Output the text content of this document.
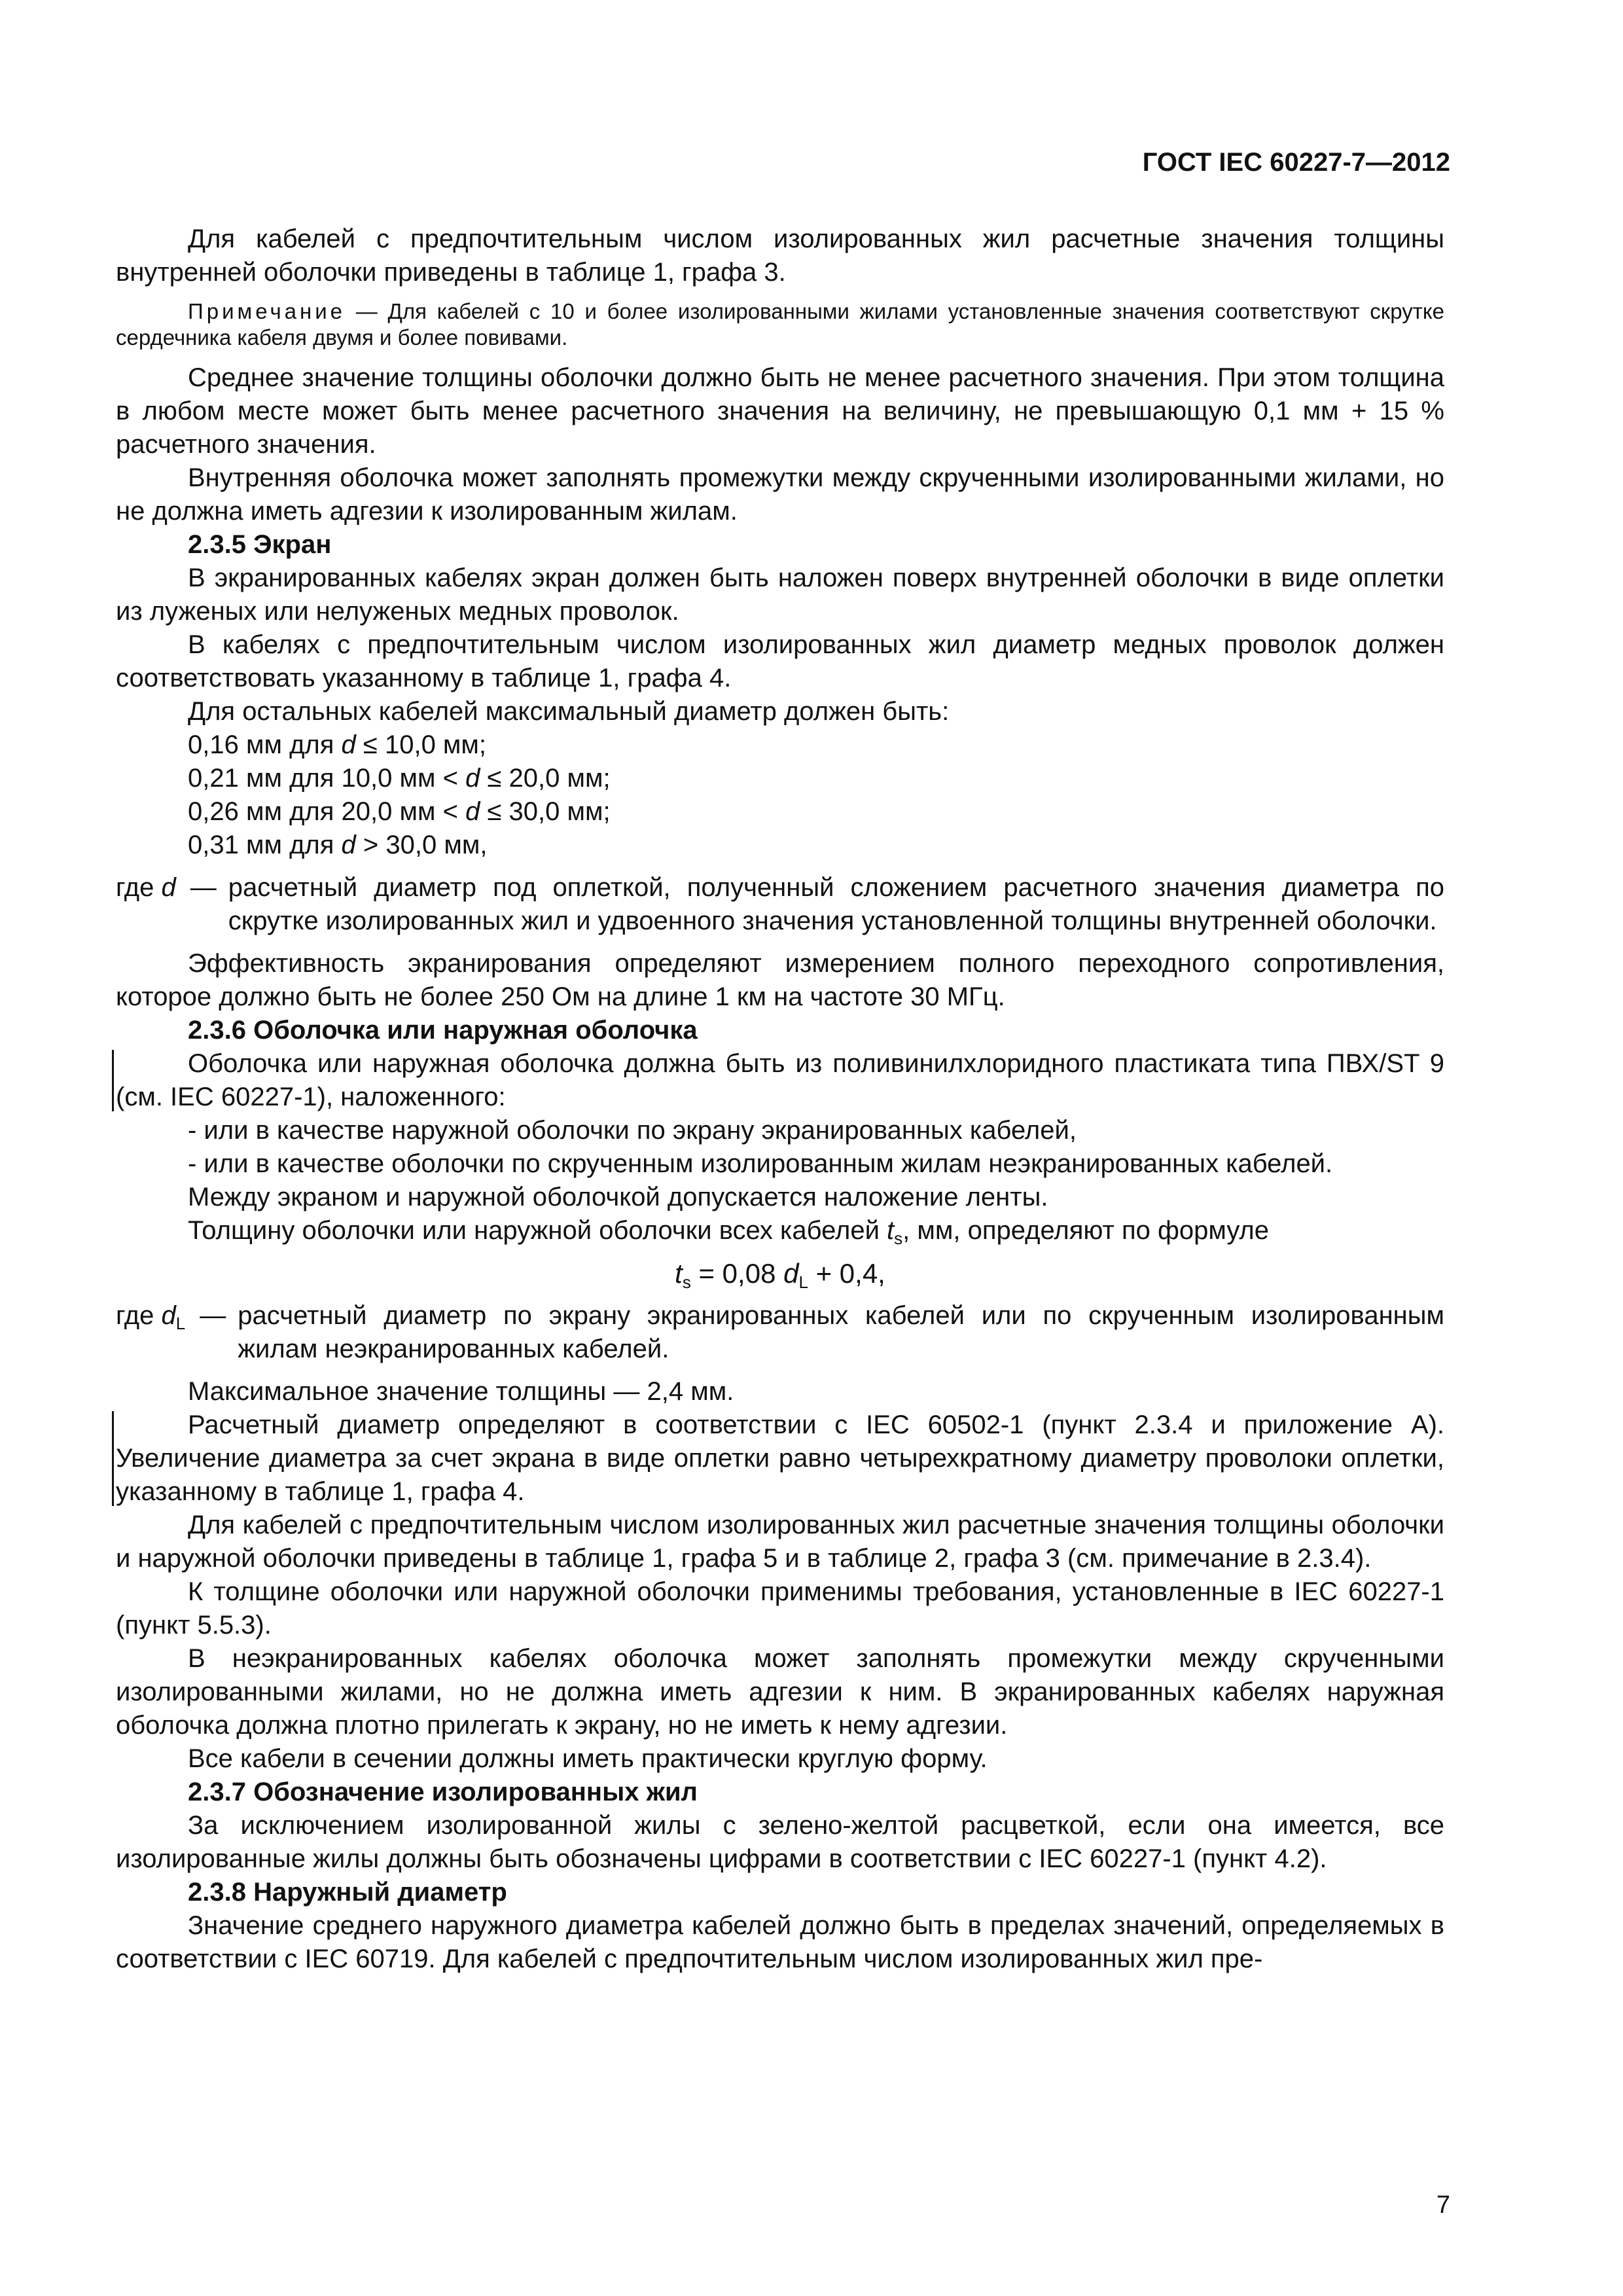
ГОСТ IEC 60227-7—2012

Для кабелей с предпочтительным числом изолированных жил расчетные значения толщины внутренней оболочки приведены в таблице 1, графа 3.

Примечание — Для кабелей с 10 и более изолированными жилами установленные значения соответствуют скрутке сердечника кабеля двумя и более повивами.

Среднее значение толщины оболочки должно быть не менее расчетного значения. При этом толщина в любом месте может быть менее расчетного значения на величину, не превышающую 0,1 мм + 15 % расчетного значения.

Внутренняя оболочка может заполнять промежутки между скрученными изолированными жилами, но не должна иметь адгезии к изолированным жилам.

2.3.5 Экран

В экранированных кабелях экран должен быть наложен поверх внутренней оболочки в виде оплетки из луженых или нелуженых медных проволок.

В кабелях с предпочтительным числом изолированных жил диаметр медных проволок должен соответствовать указанному в таблице 1, графа 4.

Для остальных кабелей максимальный диаметр должен быть:

0,16 мм для d ≤ 10,0 мм;

0,21 мм для 10,0 мм < d ≤ 20,0 мм;

0,26 мм для 20,0 мм < d ≤ 30,0 мм;

0,31 мм для d > 30,0 мм,

где d — расчетный диаметр под оплеткой, полученный сложением расчетного значения диаметра по скрутке изолированных жил и удвоенного значения установленной толщины внутренней оболочки.

Эффективность экранирования определяют измерением полного переходного сопротивления, которое должно быть не более 250 Ом на длине 1 км на частоте 30 МГц.

2.3.6 Оболочка или наружная оболочка

Оболочка или наружная оболочка должна быть из поливинилхлоридного пластиката типа ПВХ/ST 9 (см. IEC 60227-1), наложенного:

- или в качестве наружной оболочки по экрану экранированных кабелей,

- или в качестве оболочки по скрученным изолированным жилам неэкранированных кабелей.

Между экраном и наружной оболочкой допускается наложение ленты.

Толщину оболочки или наружной оболочки всех кабелей $t_s$, мм, определяют по формуле

$t_s = 0,08$ $d_L + 0,4$,
где $d_L$ — расчетный диаметр по экрану экранированных кабелей или по скрученным изолированным жилам неэкранированных кабелей.

Максимальное значение толщины — 2,4 мм.

Расчетный диаметр определяют в соответствии с IEC 60502-1 (пункт 2.3.4 и приложение А). Увеличение диаметра за счет экрана в виде оплетки равно четырехкратному диаметру проволоки оплетки, указанному в таблице 1, графа 4.

Для кабелей с предпочтительным числом изолированных жил расчетные значения толщины оболочки и наружной оболочки приведены в таблице 1, графа 5 и в таблице 2, графа 3 (см. примечание в 2.3.4).

К толщине оболочки или наружной оболочки применимы требования, установленные в IEC 60227-1 (пункт 5.5.3).

В неэкранированных кабелях оболочка может заполнять промежутки между скрученными изолированными жилами, но не должна иметь адгезии к ним. В экранированных кабелях наружная оболочка должна плотно прилегать к экрану, но не иметь к нему адгезии.

Все кабели в сечении должны иметь практически круглую форму.

2.3.7 Обозначение изолированных жил

За исключением изолированной жилы с зелено-желтой расцветкой, если она имеется, все изолированные жилы должны быть обозначены цифрами в соответствии с IEC 60227-1 (пункт 4.2).

2.3.8 Наружный диаметр

Значение среднего наружного диаметра кабелей должно быть в пределах значений, определяемых в соответствии с IEC 60719. Для кабелей с предпочтительным числом изолированных жил пре-

7
